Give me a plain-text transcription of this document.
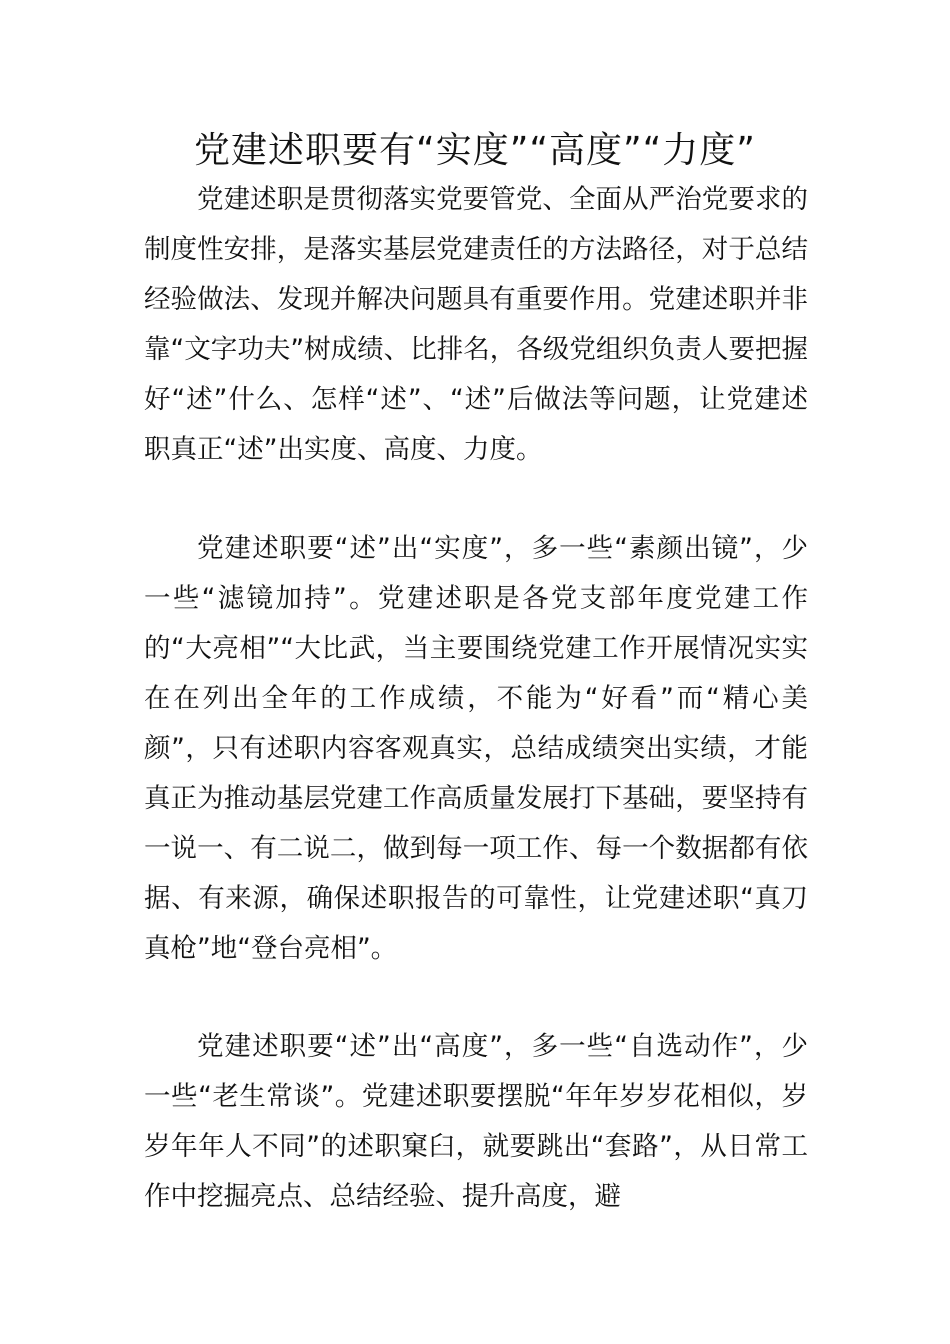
党建述职要有“实度”“高度”“力度”

党建述职是贯彻落实党要管党、全面从严治党要求的制度性安排，是落实基层党建责任的方法路径，对于总结经验做法、发现并解决问题具有重要作用。党建述职并非靠“文字功夫”树成绩、比排名，各级党组织负责人要把握好“述”什么、怎样“述”、“述”后做法等问题，让党建述职真正“述”出实度、高度、力度。

党建述职要“述”出“实度”，多一些“素颜出镜”，少一些“滤镜加持”。党建述职是各党支部年度党建工作的“大亮相”“大比武，当主要围绕党建工作开展情况实实在在列出全年的工作成绩，不能为“好看”而“精心美颜”，只有述职内容客观真实，总结成绩突出实绩，才能真正为推动基层党建工作高质量发展打下基础，要坚持有一说一、有二说二，做到每一项工作、每一个数据都有依据、有来源，确保述职报告的可靠性，让党建述职“真刀真枪”地“登台亮相”。

党建述职要“述”出“高度”，多一些“自选动作”，少一些“老生常谈”。党建述职要摆脱“年年岁岁花相似，岁岁年年人不同”的述职窠臼，就要跳出“套路”，从日常工作中挖掘亮点、总结经验、提升高度，避
